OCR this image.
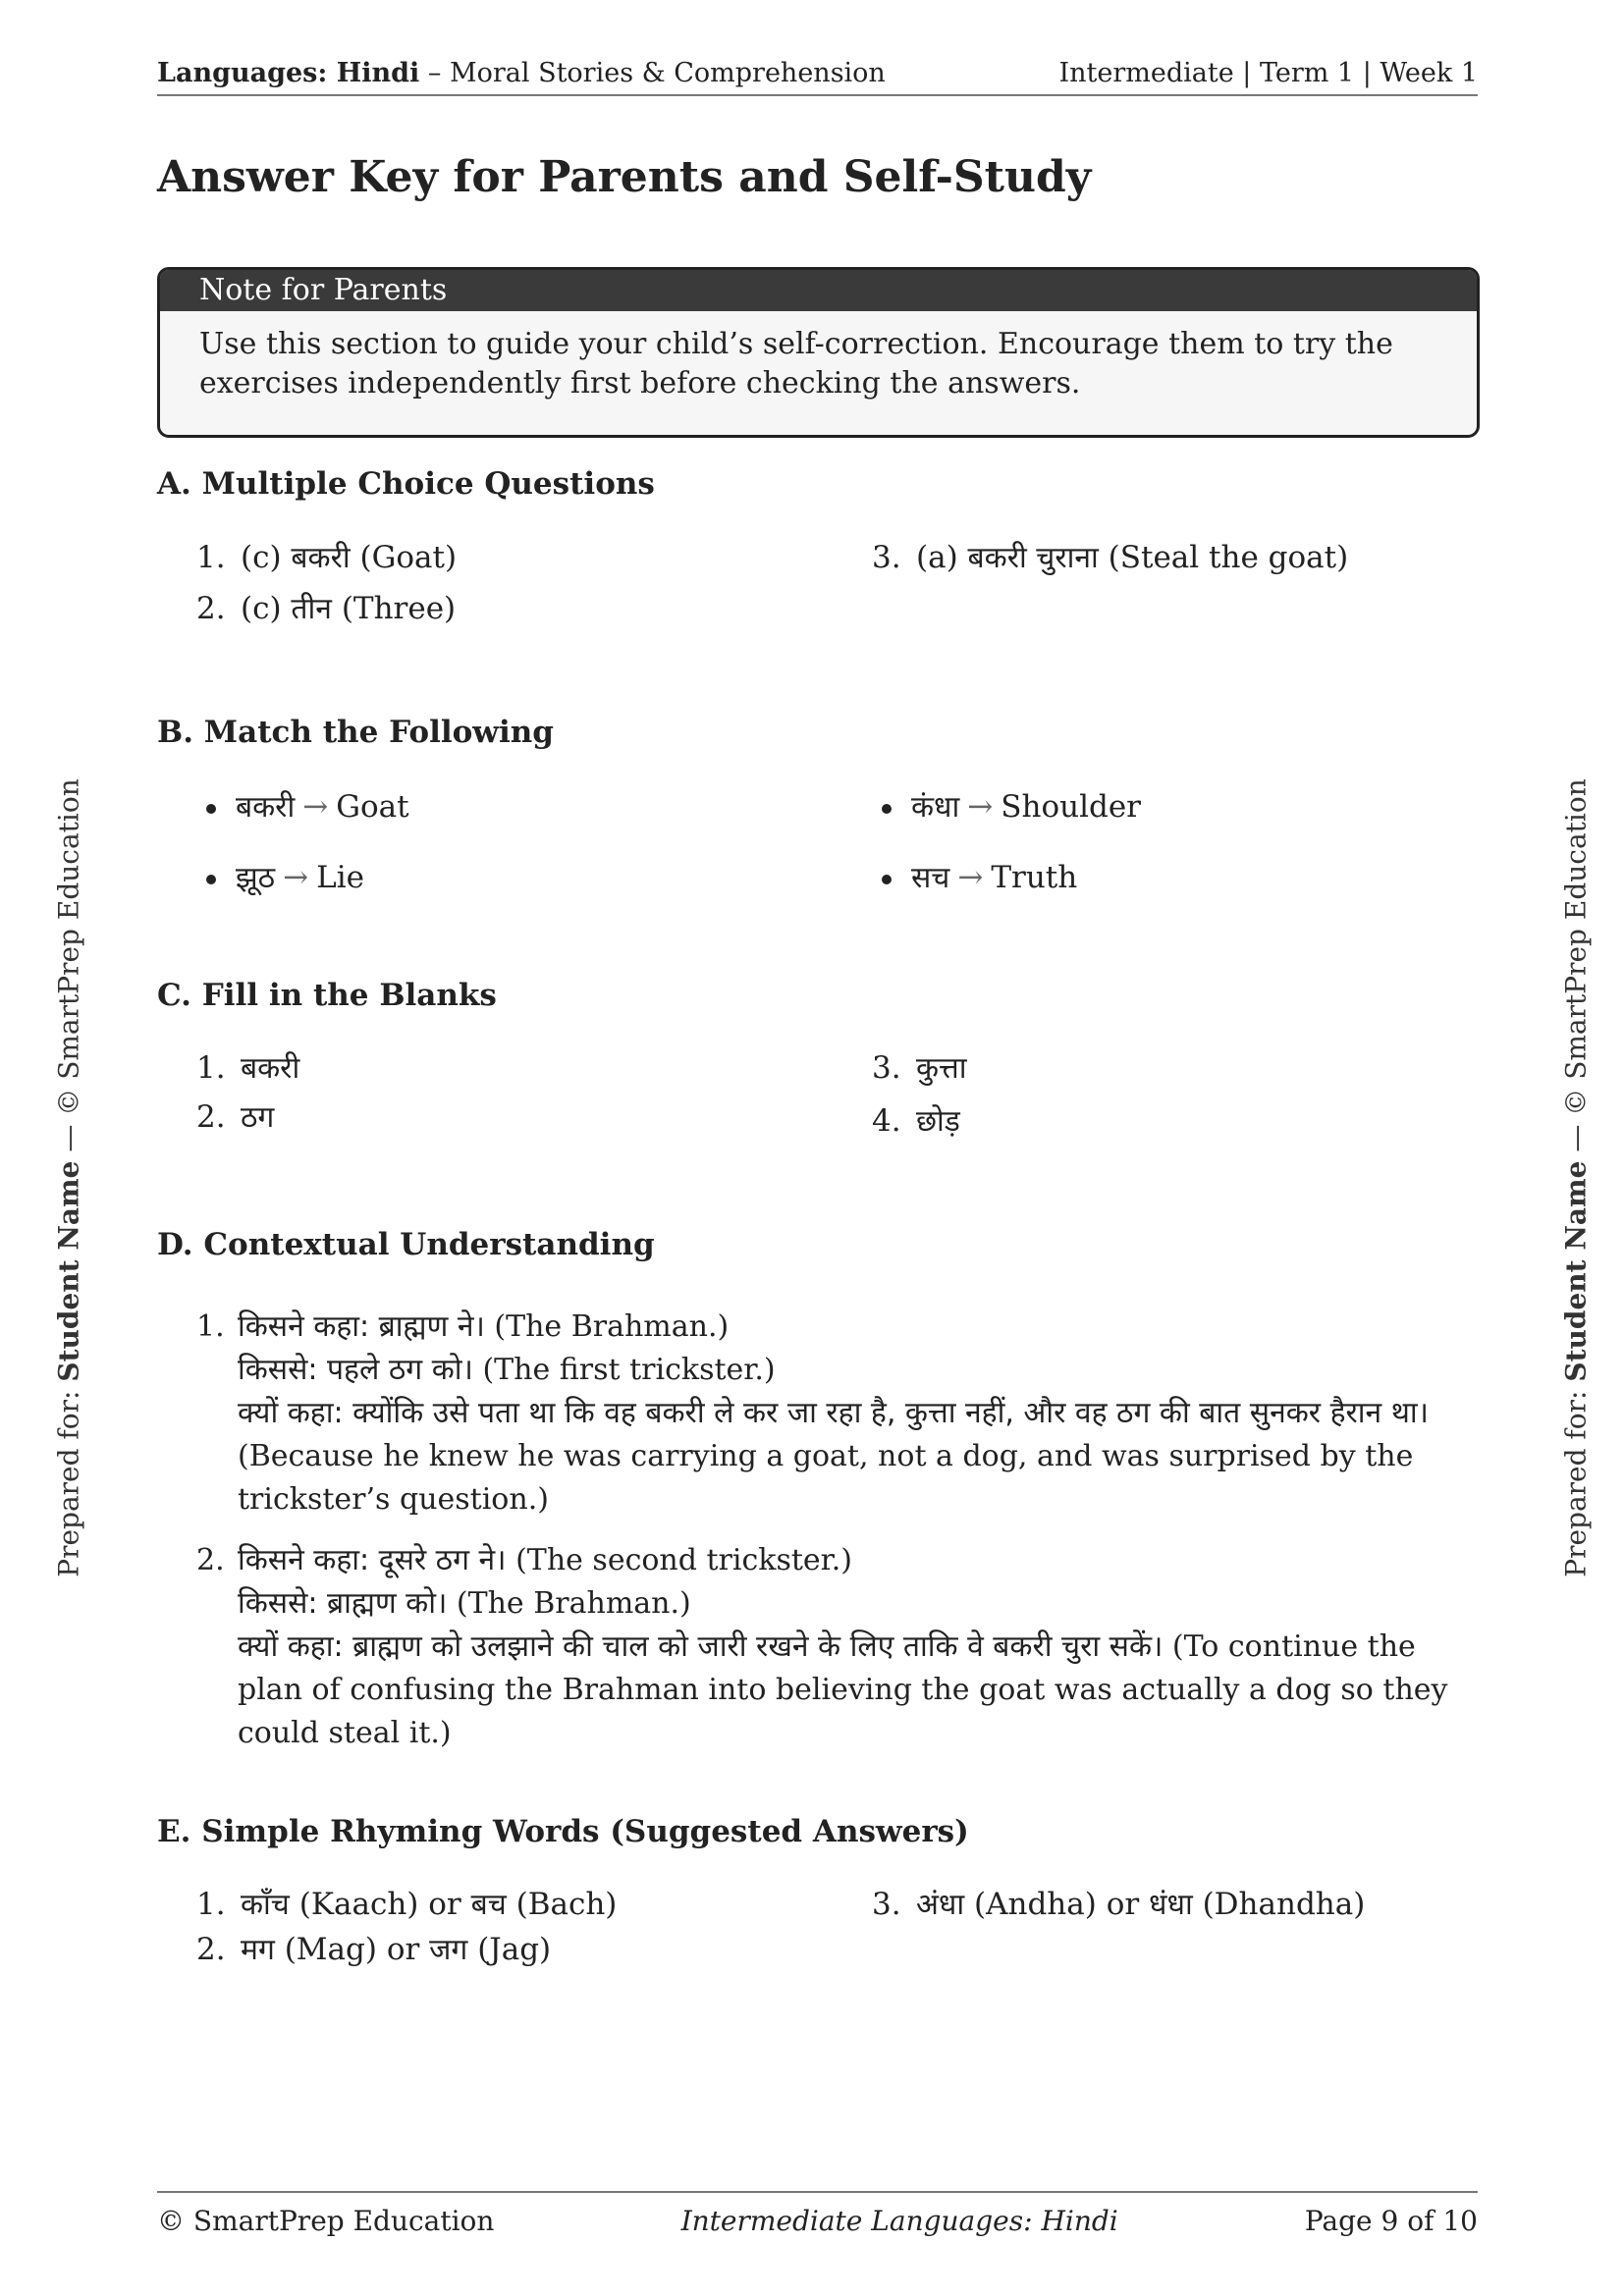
Languages: Hindi – Moral Stories & Comprehension	Intermediate | Term 1 | Week 1
Answer Key for Parents and Self-Study
Note for Parents
Use this section to guide your child’s self-correction. Encourage them to try the exercises independently first before checking the answers.
A. Multiple Choice Questions
1. (c) बकरी (Goat)
2. (c) तीन (Three)
3. (a) बकरी चुराना (Steal the goat)
B. Match the Following
बकरी → Goat
झूठ → Lie
कंधा → Shoulder
सच → Truth
C. Fill in the Blanks
1. बकरी
2. ठग
3. कुत्ता
4. छोड़
D. Contextual Understanding
1. किसने कहा: ब्राह्मण ने। (The Brahman.)
किससे: पहले ठग को। (The first trickster.)
क्यों कहा: क्योंकि उसे पता था कि वह बकरी ले कर जा रहा है, कुत्ता नहीं, और वह ठग की बात सुनकर हैरान था। (Because he knew he was carrying a goat, not a dog, and was surprised by the trickster’s question.)
2. किसने कहा: दूसरे ठग ने। (The second trickster.)
किससे: ब्राह्मण को। (The Brahman.)
क्यों कहा: ब्राह्मण को उलझाने की चाल को जारी रखने के लिए ताकि वे बकरी चुरा सकें। (To continue the plan of confusing the Brahman into believing the goat was actually a dog so they could steal it.)
E. Simple Rhyming Words (Suggested Answers)
1. काँच (Kaach) or बच (Bach)
2. मग (Mag) or जग (Jag)
3. अंधा (Andha) or धंधा (Dhandha)
Prepared for: Student Name — © SmartPrep Education
Prepared for: Student Name — © SmartPrep Education
© SmartPrep Education	Intermediate Languages: Hindi	Page 9 of 10
